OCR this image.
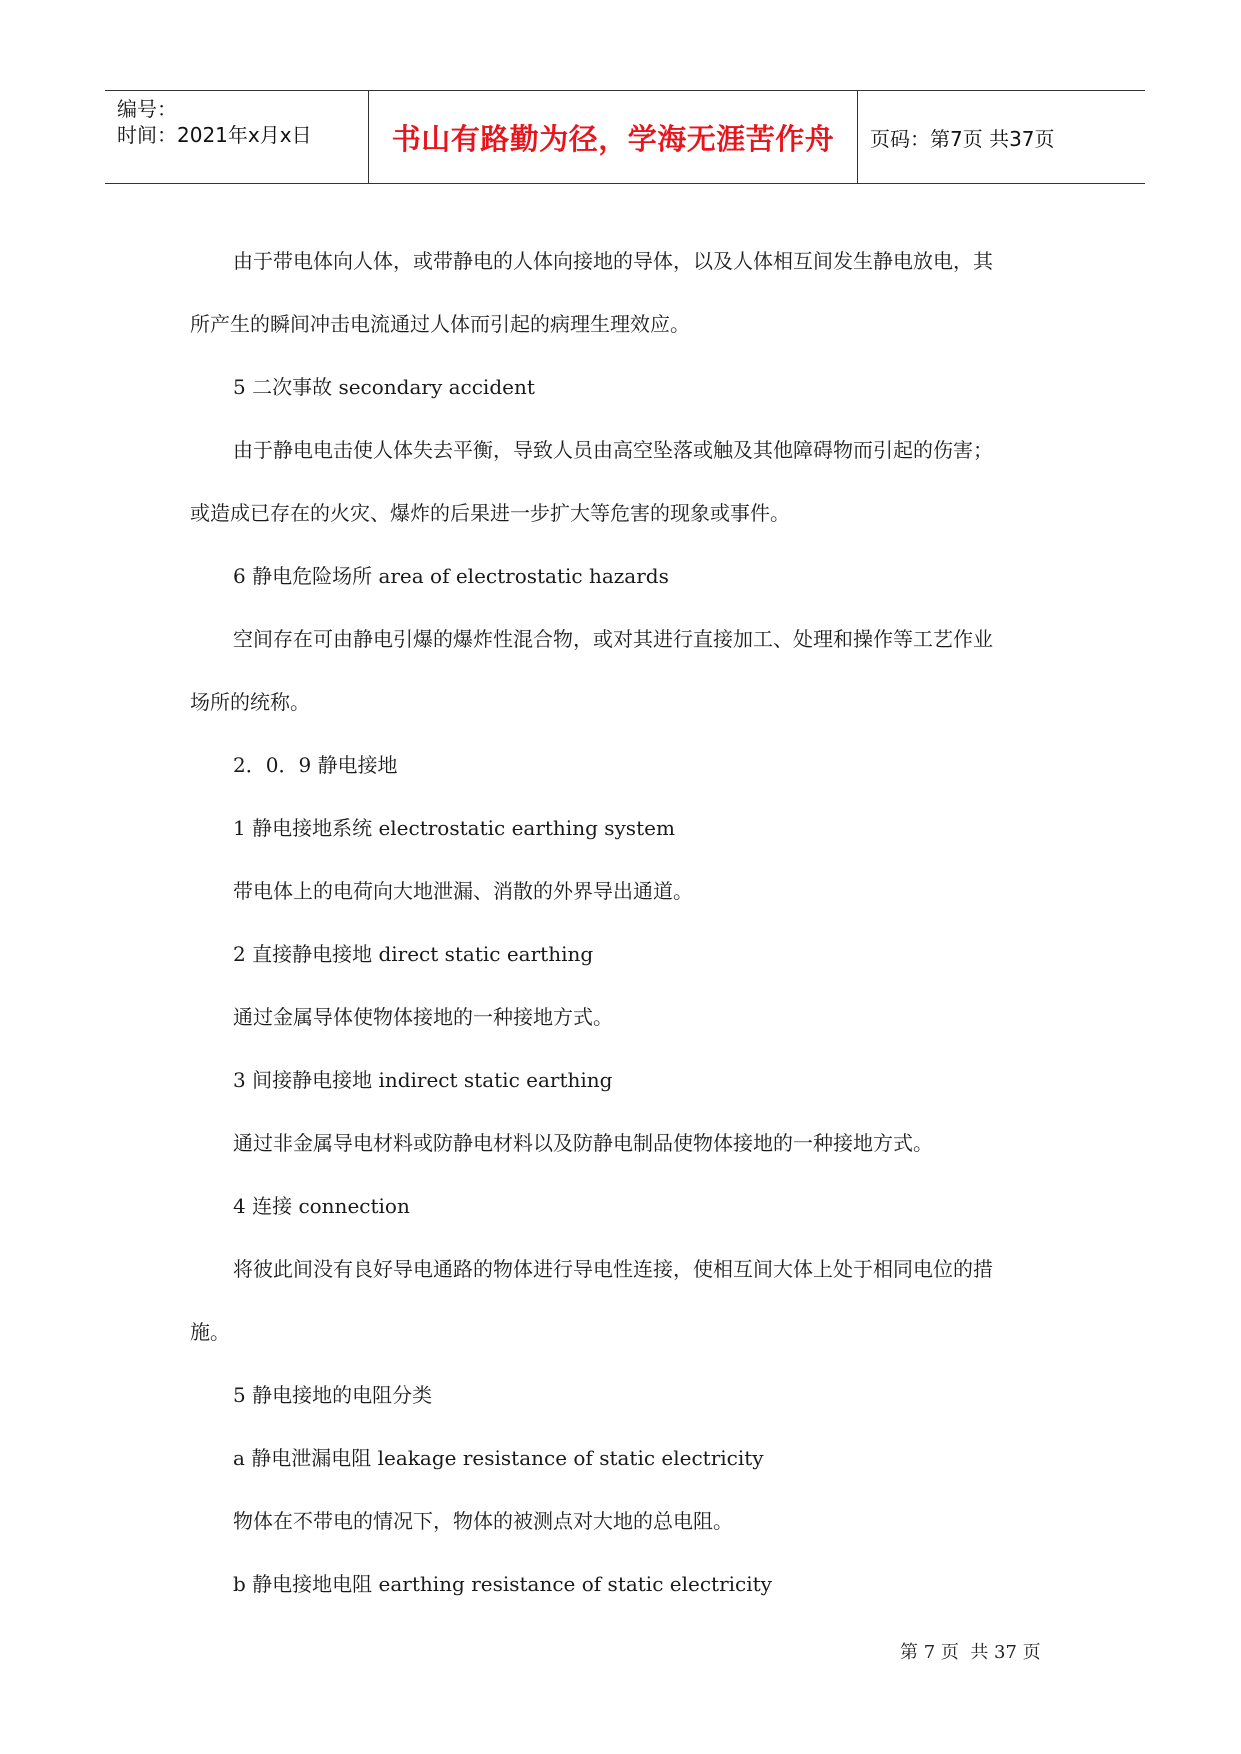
编号：
时间：2021年x月x日	书山有路勤为径，学海无涯苦作舟	页码：第7页 共37页

由于带电体向人体，或带静电的人体向接地的导体，以及人体相互间发生静电放电，其

所产生的瞬间冲击电流通过人体而引起的病理生理效应。

5 二次事故 secondary accident

由于静电电击使人体失去平衡，导致人员由高空坠落或触及其他障碍物而引起的伤害；

或造成已存在的火灾、爆炸的后果进一步扩大等危害的现象或事件。

6 静电危险场所 area of electrostatic hazards

空间存在可由静电引爆的爆炸性混合物，或对其进行直接加工、处理和操作等工艺作业

场所的统称。

2．0．9 静电接地

1 静电接地系统 electrostatic earthing system

带电体上的电荷向大地泄漏、消散的外界导出通道。

2 直接静电接地 direct static earthing

通过金属导体使物体接地的一种接地方式。

3 间接静电接地 indirect static earthing

通过非金属导电材料或防静电材料以及防静电制品使物体接地的一种接地方式。

4 连接 connection

将彼此间没有良好导电通路的物体进行导电性连接，使相互间大体上处于相同电位的措

施。

5 静电接地的电阻分类

a 静电泄漏电阻 leakage resistance of static electricity

物体在不带电的情况下，物体的被测点对大地的总电阻。

b 静电接地电阻 earthing resistance of static electricity

第 7 页  共 37 页
